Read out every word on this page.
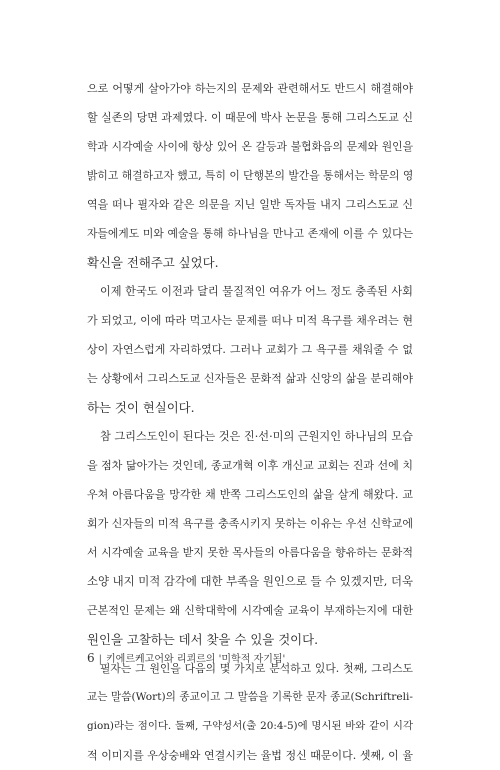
으로 어떻게 살아가야 하는지의 문제와 관련해서도 반드시 해결해야
할 실존의 당면 과제였다. 이 때문에 박사 논문을 통해 그리스도교 신
학과 시각예술 사이에 항상 있어 온 갈등과 불협화음의 문제와 원인을
밝히고 해결하고자 했고, 특히 이 단행본의 발간을 통해서는 학문의 영
역을 떠나 필자와 같은 의문을 지닌 일반 독자들 내지 그리스도교 신
자들에게도 미와 예술을 통해 하나님을 만나고 존재에 이를 수 있다는
확신을 전해주고 싶었다.
이제 한국도 이전과 달리 물질적인 여유가 어느 정도 충족된 사회
가 되었고, 이에 따라 먹고사는 문제를 떠나 미적 욕구를 채우려는 현
상이 자연스럽게 자리하였다. 그러나 교회가 그 욕구를 채워줄 수 없
는 상황에서 그리스도교 신자들은 문화적 삶과 신앙의 삶을 분리해야
하는 것이 현실이다.
참 그리스도인이 된다는 것은 진·선·미의 근원지인 하나님의 모습
을 점차 닮아가는 것인데, 종교개혁 이후 개신교 교회는 진과 선에 치
우쳐 아름다움을 망각한 채 반쪽 그리스도인의 삶을 살게 해왔다. 교
회가 신자들의 미적 욕구를 충족시키지 못하는 이유는 우선 신학교에
서 시각예술 교육을 받지 못한 목사들의 아름다움을 향유하는 문화적
소양 내지 미적 감각에 대한 부족을 원인으로 들 수 있겠지만, 더욱
근본적인 문제는 왜 신학대학에 시각예술 교육이 부재하는지에 대한
원인을 고찰하는 데서 찾을 수 있을 것이다.
필자는 그 원인을 다음의 몇 가지로 분석하고 있다. 첫째, 그리스도
교는 말씀(Wort)의 종교이고 그 말씀을 기록한 문자 종교(Schriftreli-
gion)라는 점이다. 둘째, 구약성서(출 20:4-5)에 명시된 바와 같이 시각
적 이미지를 우상숭배와 연결시키는 율법 정신 때문이다. 셋째, 이 율
6 | 키에르케고어와 리쾨르의 '미학적 자기됨'
